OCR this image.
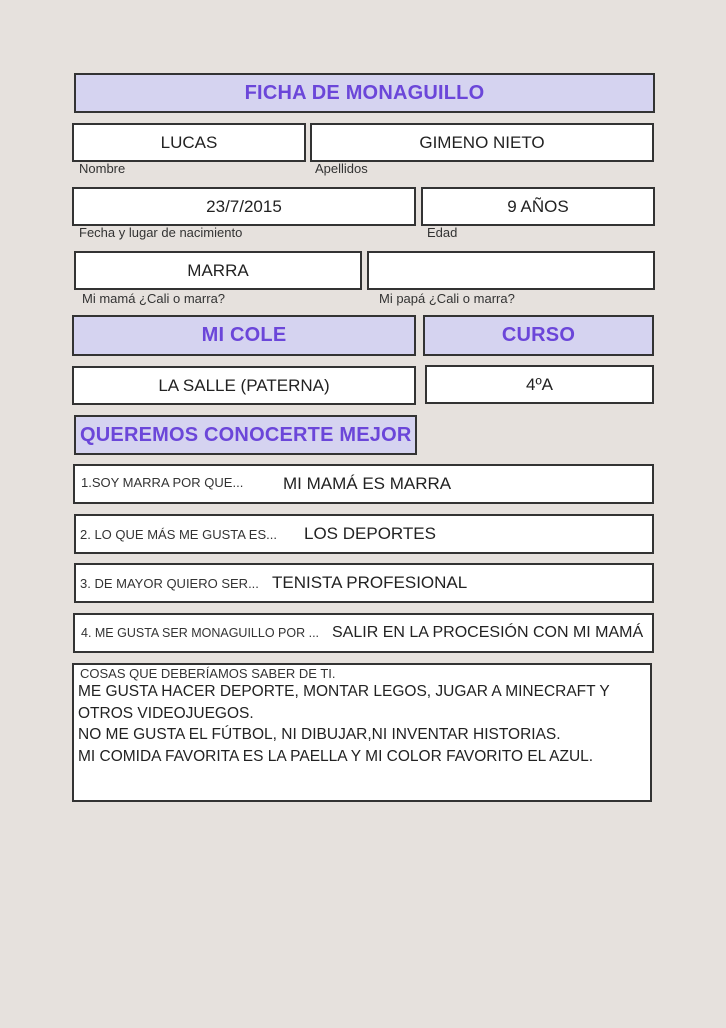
FICHA DE MONAGUILLO
LUCAS
Nombre
GIMENO NIETO
Apellidos
23/7/2015
Fecha y lugar de nacimiento
9 AÑOS
Edad
MARRA
Mi mamá ¿Cali o marra?	Mi papá ¿Cali o marra?
MI COLE	CURSO
LA SALLE (PATERNA)	4ºA
QUEREMOS CONOCERTE MEJOR
1.SOY MARRA POR QUE... MI MAMÁ ES MARRA
2. LO QUE MÁS ME GUSTA ES... LOS DEPORTES
3. DE MAYOR QUIERO SER... TENISTA PROFESIONAL
4. ME GUSTA SER MONAGUILLO POR ... SALIR EN LA PROCESIÓN CON MI MAMÁ
COSAS QUE DEBERÍAMOS SABER DE TI.

ME GUSTA HACER DEPORTE, MONTAR LEGOS, JUGAR A MINECRAFT Y OTROS VIDEOJUEGOS.
NO ME GUSTA EL FÚTBOL, NI DIBUJAR,NI INVENTAR HISTORIAS.
MI COMIDA FAVORITA ES LA PAELLA Y MI COLOR FAVORITO EL AZUL.
